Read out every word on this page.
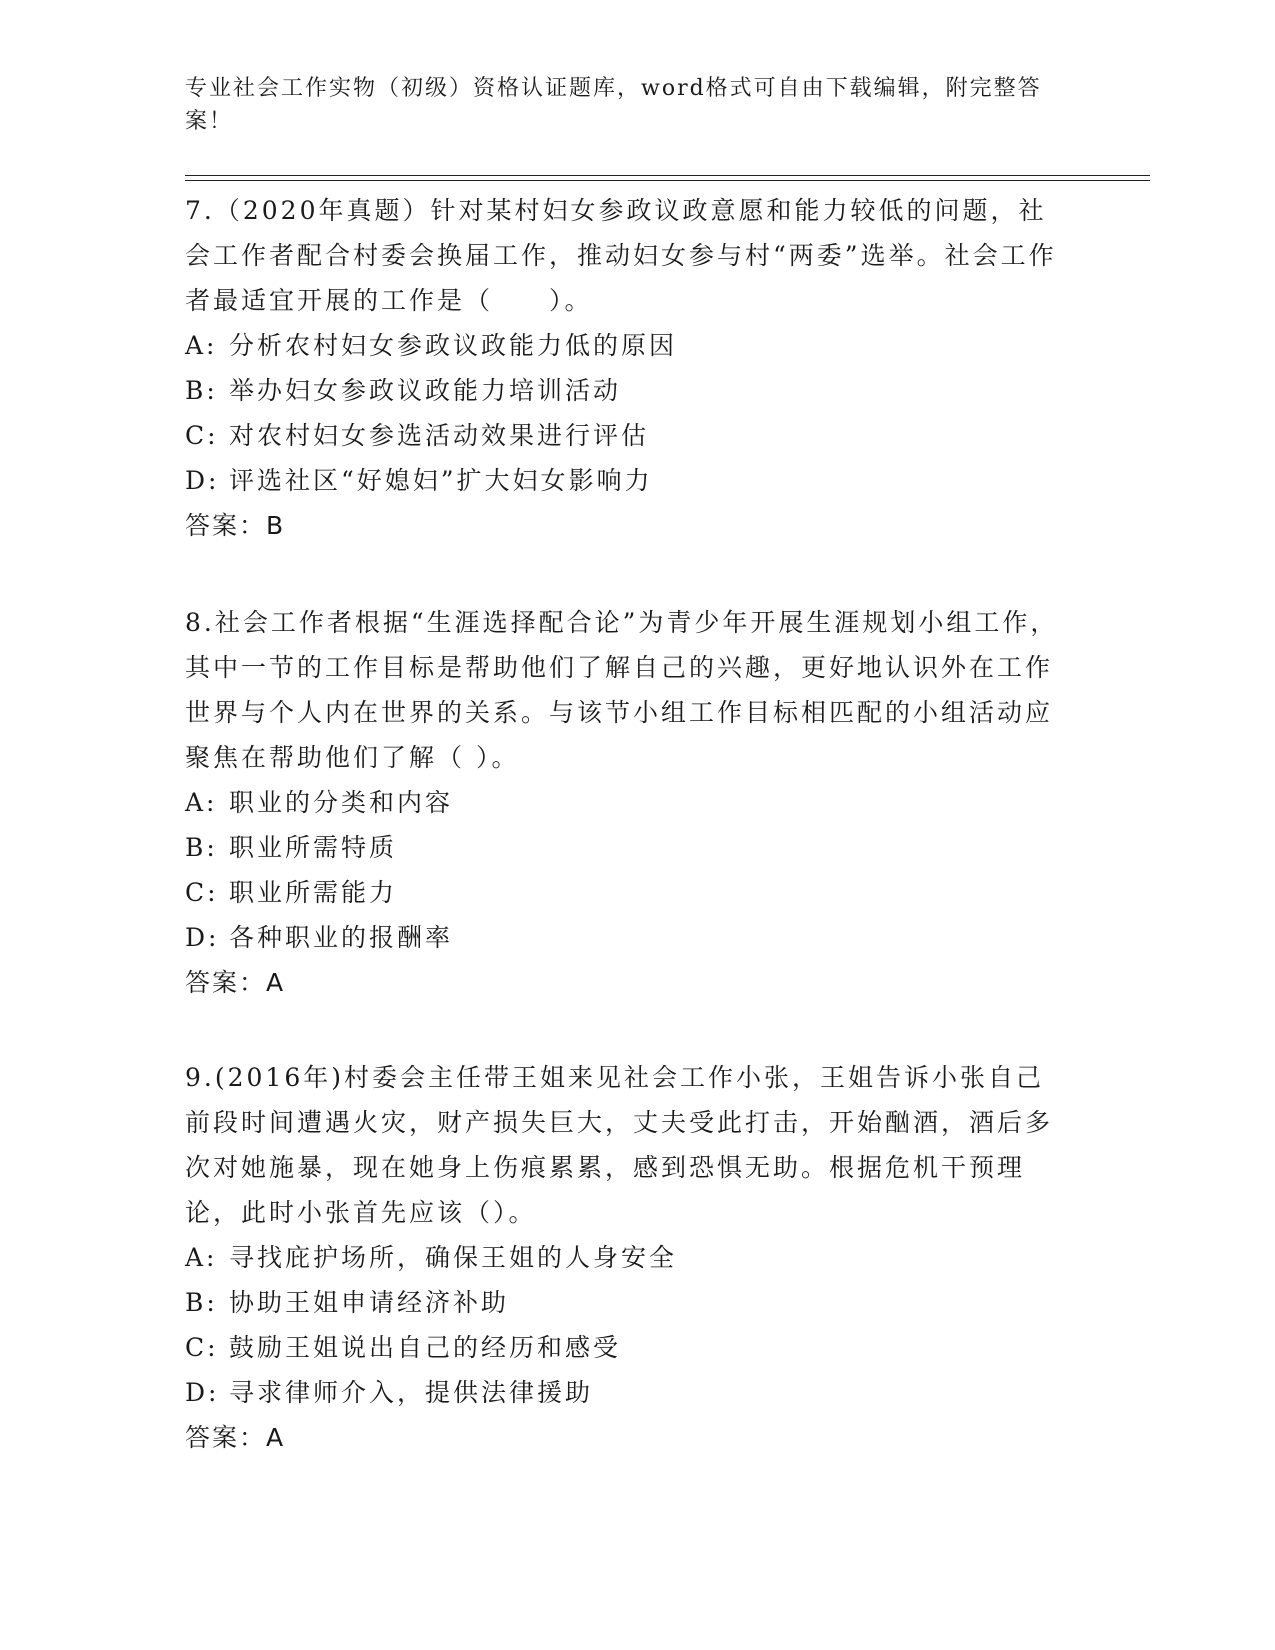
专业社会工作实物（初级）资格认证题库，word格式可自由下载编辑，附完整答案！

7.（2020年真题）针对某村妇女参政议政意愿和能力较低的问题，社会工作者配合村委会换届工作，推动妇女参与村“两委”选举。社会工作者最适宜开展的工作是（　　）。

A: 分析农村妇女参政议政能力低的原因

B: 举办妇女参政议政能力培训活动

C: 对农村妇女参选活动效果进行评估

D: 评选社区“好媳妇”扩大妇女影响力

答案：B

8.社会工作者根据“生涯选择配合论”为青少年开展生涯规划小组工作，其中一节的工作目标是帮助他们了解自己的兴趣，更好地认识外在工作世界与个人内在世界的关系。与该节小组工作目标相匹配的小组活动应聚焦在帮助他们了解（ ）。

A: 职业的分类和内容

B: 职业所需特质

C: 职业所需能力

D: 各种职业的报酬率

答案：A

9.(2016年)村委会主任带王姐来见社会工作小张，王姐告诉小张自己前段时间遭遇火灾，财产损失巨大，丈夫受此打击，开始酗酒，酒后多次对她施暴，现在她身上伤痕累累，感到恐惧无助。根据危机干预理论，此时小张首先应该（）。

A: 寻找庇护场所，确保王姐的人身安全

B: 协助王姐申请经济补助

C: 鼓励王姐说出自己的经历和感受

D: 寻求律师介入，提供法律援助

答案：A
